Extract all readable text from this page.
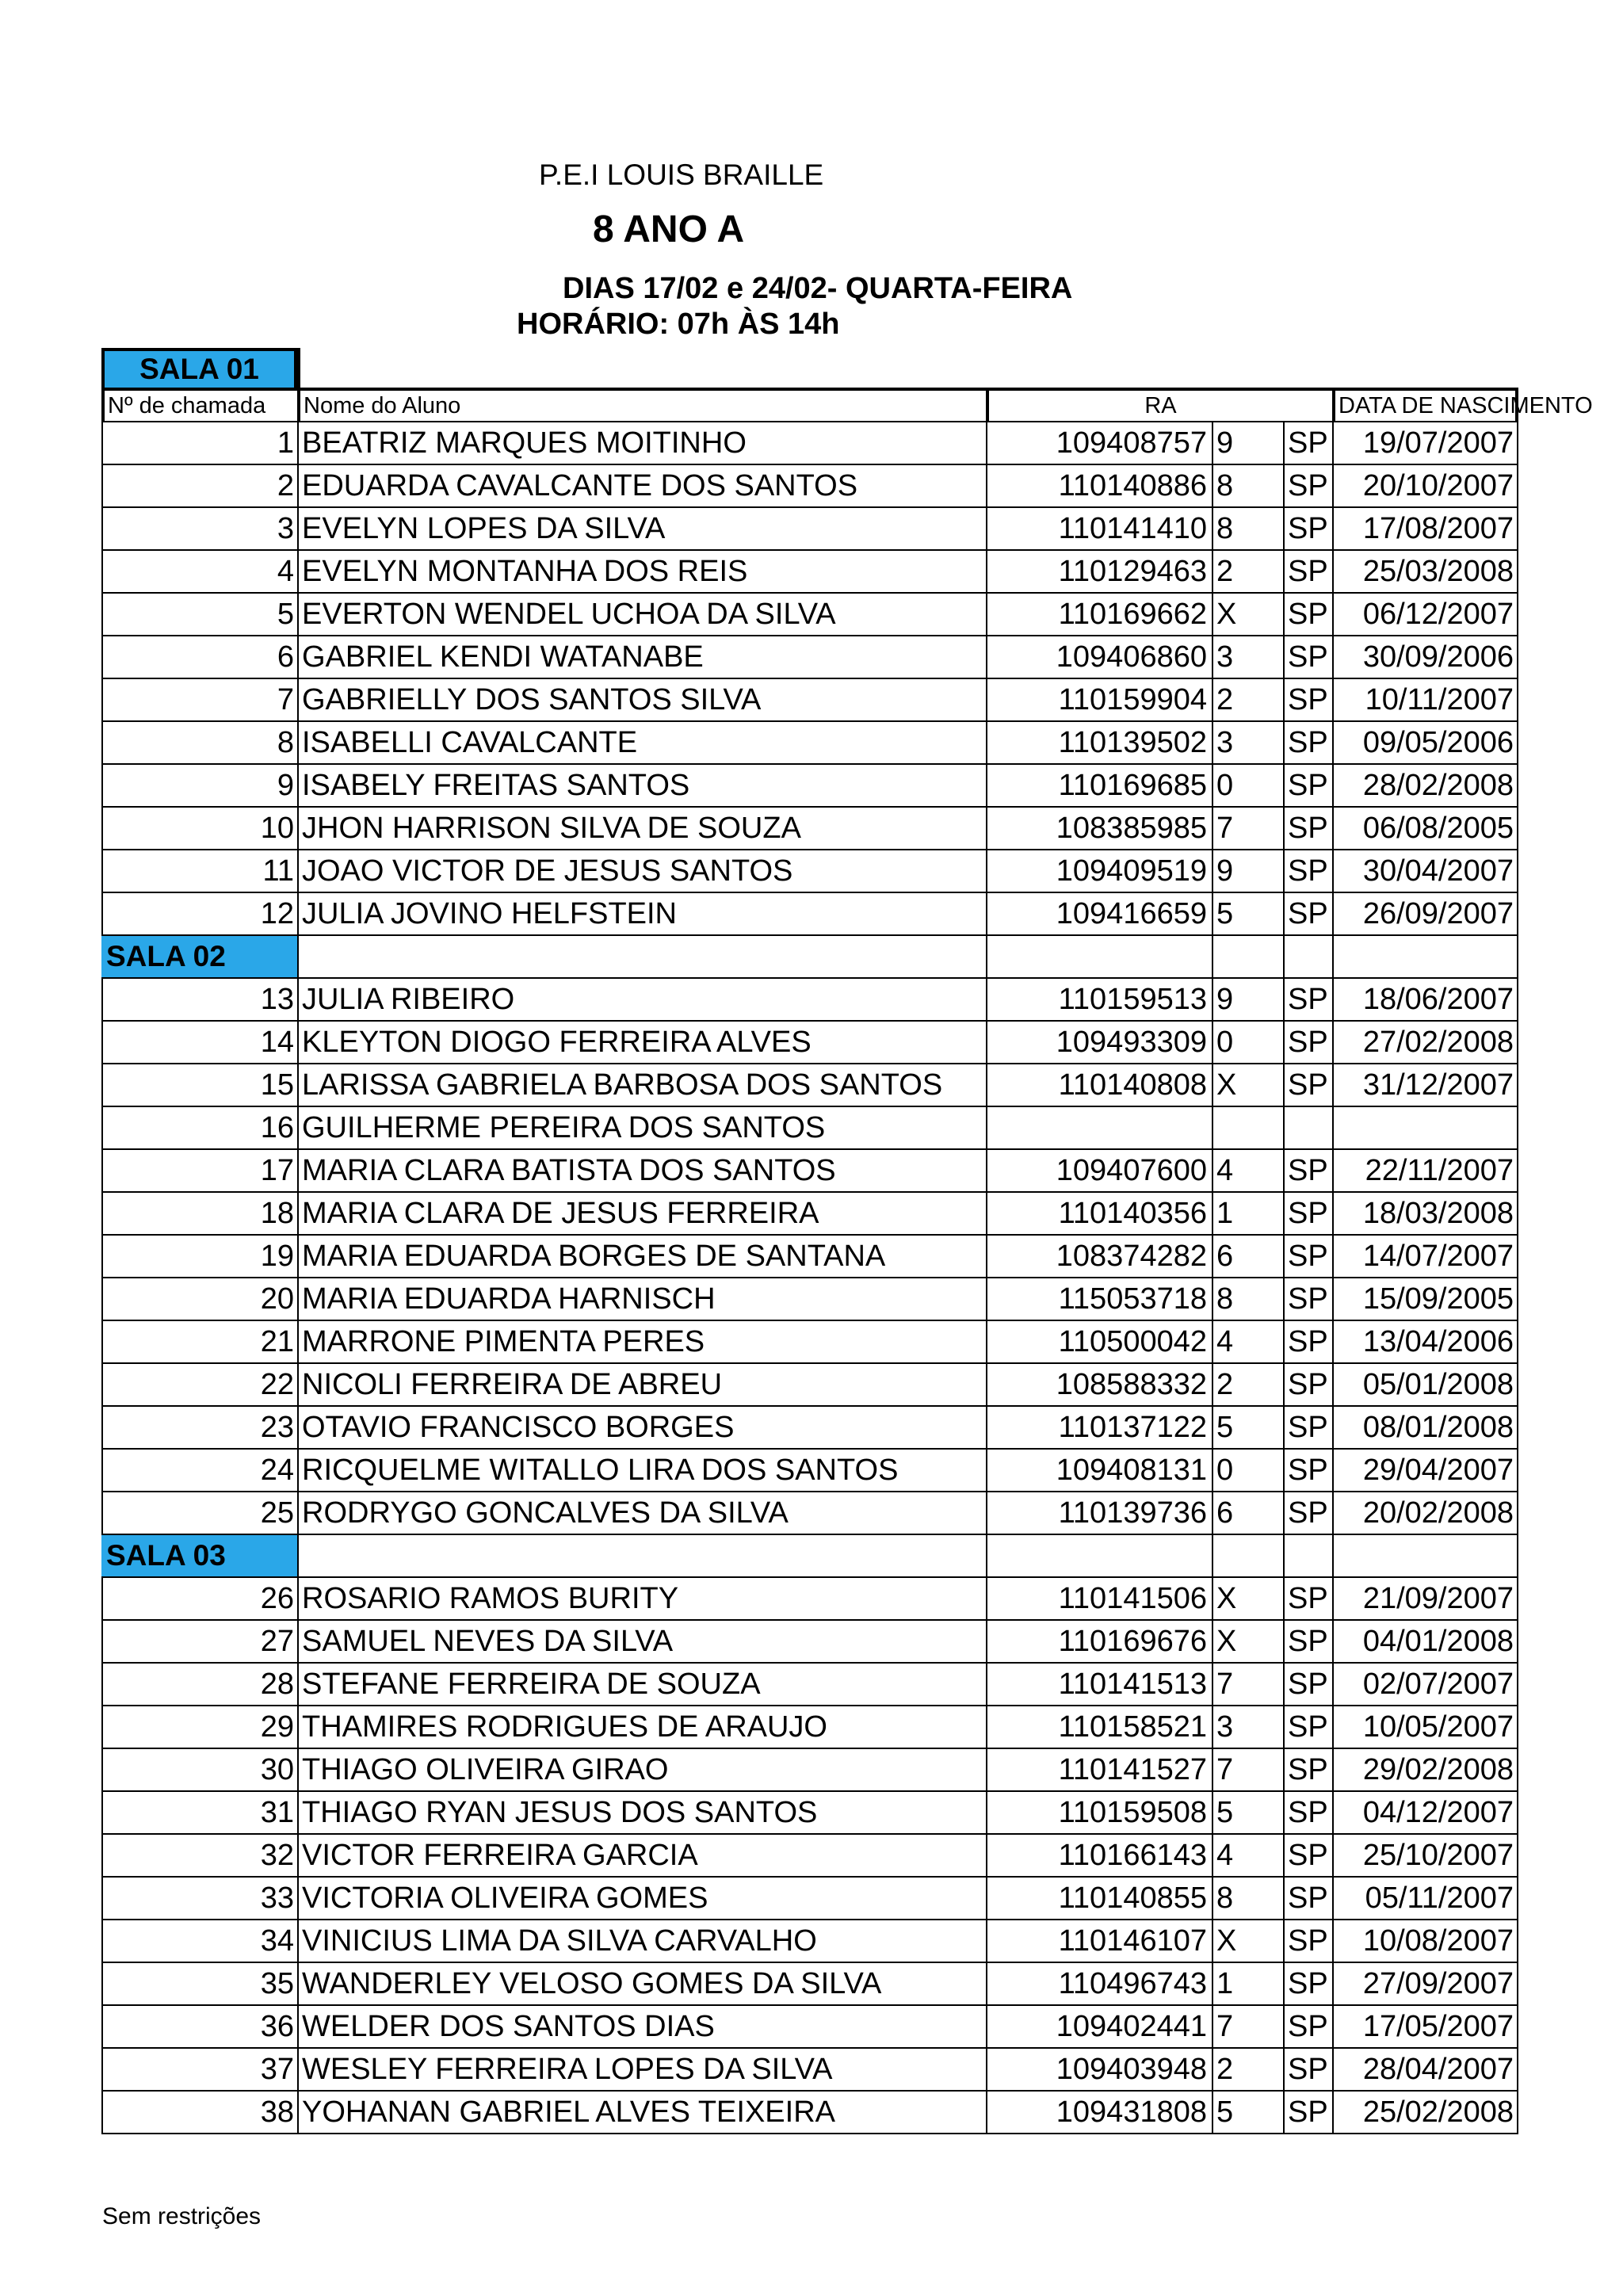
P.E.I LOUIS BRAILLE
8 ANO A
DIAS 17/02 e 24/02- QUARTA-FEIRA
HORÁRIO: 07h ÀS 14h
SALA 01
Nº de chamada	Nome do Aluno	RA	DATA DE NASCIMENTO
1 BEATRIZ MARQUES MOITINHO	109408757 9	SP	19/07/2007
2 EDUARDA CAVALCANTE DOS SANTOS	110140886 8	SP	20/10/2007
3 EVELYN LOPES DA SILVA	110141410 8	SP	17/08/2007
4 EVELYN MONTANHA DOS REIS	110129463 2	SP	25/03/2008
5 EVERTON WENDEL UCHOA DA SILVA	110169662 X	SP	06/12/2007
6 GABRIEL KENDI WATANABE	109406860 3	SP	30/09/2006
7 GABRIELLY DOS SANTOS SILVA	110159904 2	SP	10/11/2007
8 ISABELLI CAVALCANTE	110139502 3	SP	09/05/2006
9 ISABELY FREITAS SANTOS	110169685 0	SP	28/02/2008
10 JHON HARRISON SILVA DE SOUZA	108385985 7	SP	06/08/2005
11 JOAO VICTOR DE JESUS SANTOS	109409519 9	SP	30/04/2007
12 JULIA JOVINO HELFSTEIN	109416659 5	SP	26/09/2007
SALA 02
13 JULIA RIBEIRO	110159513 9	SP	18/06/2007
14 KLEYTON DIOGO FERREIRA ALVES	109493309 0	SP	27/02/2008
15 LARISSA GABRIELA BARBOSA DOS SANTOS	110140808 X	SP	31/12/2007
16 GUILHERME PEREIRA DOS SANTOS
17 MARIA CLARA BATISTA DOS SANTOS	109407600 4	SP	22/11/2007
18 MARIA CLARA DE JESUS FERREIRA	110140356 1	SP	18/03/2008
19 MARIA EDUARDA BORGES DE SANTANA	108374282 6	SP	14/07/2007
20 MARIA EDUARDA HARNISCH	115053718 8	SP	15/09/2005
21 MARRONE PIMENTA PERES	110500042 4	SP	13/04/2006
22 NICOLI FERREIRA DE ABREU	108588332 2	SP	05/01/2008
23 OTAVIO FRANCISCO BORGES	110137122 5	SP	08/01/2008
24 RICQUELME WITALLO LIRA DOS SANTOS	109408131 0	SP	29/04/2007
25 RODRYGO GONCALVES DA SILVA	110139736 6	SP	20/02/2008
SALA 03
26 ROSARIO RAMOS BURITY	110141506 X	SP	21/09/2007
27 SAMUEL NEVES DA SILVA	110169676 X	SP	04/01/2008
28 STEFANE FERREIRA DE SOUZA	110141513 7	SP	02/07/2007
29 THAMIRES RODRIGUES DE ARAUJO	110158521 3	SP	10/05/2007
30 THIAGO OLIVEIRA GIRAO	110141527 7	SP	29/02/2008
31 THIAGO RYAN JESUS DOS SANTOS	110159508 5	SP	04/12/2007
32 VICTOR FERREIRA GARCIA	110166143 4	SP	25/10/2007
33 VICTORIA OLIVEIRA GOMES	110140855 8	SP	05/11/2007
34 VINICIUS LIMA DA SILVA CARVALHO	110146107 X	SP	10/08/2007
35 WANDERLEY VELOSO GOMES DA SILVA	110496743 1	SP	27/09/2007
36 WELDER DOS SANTOS DIAS	109402441 7	SP	17/05/2007
37 WESLEY FERREIRA LOPES DA SILVA	109403948 2	SP	28/04/2007
38 YOHANAN GABRIEL ALVES TEIXEIRA	109431808 5	SP	25/02/2008
Sem restrições
